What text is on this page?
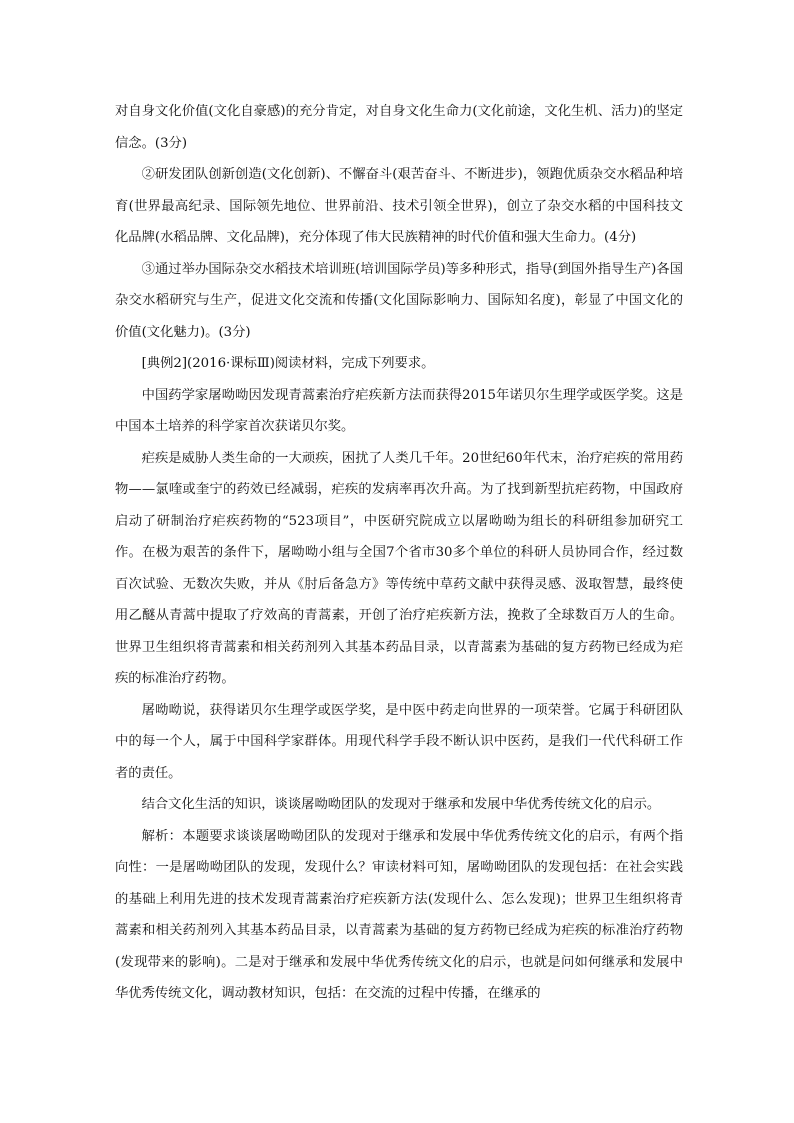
对自身文化价值(文化自豪感)的充分肯定，对自身文化生命力(文化前途，文化生机、活力)的坚定信念。(3分)

②研发团队创新创造(文化创新)、不懈奋斗(艰苦奋斗、不断进步)，领跑优质杂交水稻品种培育(世界最高纪录、国际领先地位、世界前沿、技术引领全世界)，创立了杂交水稻的中国科技文化品牌(水稻品牌、文化品牌)，充分体现了伟大民族精神的时代价值和强大生命力。(4分)

③通过举办国际杂交水稻技术培训班(培训国际学员)等多种形式，指导(到国外指导生产)各国杂交水稻研究与生产，促进文化交流和传播(文化国际影响力、国际知名度)，彰显了中国文化的价值(文化魅力)。(3分)

[典例2](2016·课标Ⅲ)阅读材料，完成下列要求。

中国药学家屠呦呦因发现青蒿素治疗疟疾新方法而获得2015年诺贝尔生理学或医学奖。这是中国本土培养的科学家首次获诺贝尔奖。

疟疾是威胁人类生命的一大顽疾，困扰了人类几千年。20世纪60年代末，治疗疟疾的常用药物——氯喹或奎宁的药效已经减弱，疟疾的发病率再次升高。为了找到新型抗疟药物，中国政府启动了研制治疗疟疾药物的“523项目”，中医研究院成立以屠呦呦为组长的科研组参加研究工作。在极为艰苦的条件下，屠呦呦小组与全国7个省市30多个单位的科研人员协同合作，经过数百次试验、无数次失败，并从《肘后备急方》等传统中草药文献中获得灵感、汲取智慧，最终使用乙醚从青蒿中提取了疗效高的青蒿素，开创了治疗疟疾新方法，挽救了全球数百万人的生命。世界卫生组织将青蒿素和相关药剂列入其基本药品目录，以青蒿素为基础的复方药物已经成为疟疾的标准治疗药物。

屠呦呦说，获得诺贝尔生理学或医学奖，是中医中药走向世界的一项荣誉。它属于科研团队中的每一个人，属于中国科学家群体。用现代科学手段不断认识中医药，是我们一代代科研工作者的责任。

结合文化生活的知识，谈谈屠呦呦团队的发现对于继承和发展中华优秀传统文化的启示。

解析：本题要求谈谈屠呦呦团队的发现对于继承和发展中华优秀传统文化的启示，有两个指向性：一是屠呦呦团队的发现，发现什么？审读材料可知，屠呦呦团队的发现包括：在社会实践的基础上利用先进的技术发现青蒿素治疗疟疾新方法(发现什么、怎么发现)；世界卫生组织将青蒿素和相关药剂列入其基本药品目录，以青蒿素为基础的复方药物已经成为疟疾的标准治疗药物(发现带来的影响)。二是对于继承和发展中华优秀传统文化的启示，也就是问如何继承和发展中华优秀传统文化，调动教材知识，包括：在交流的过程中传播，在继承的
